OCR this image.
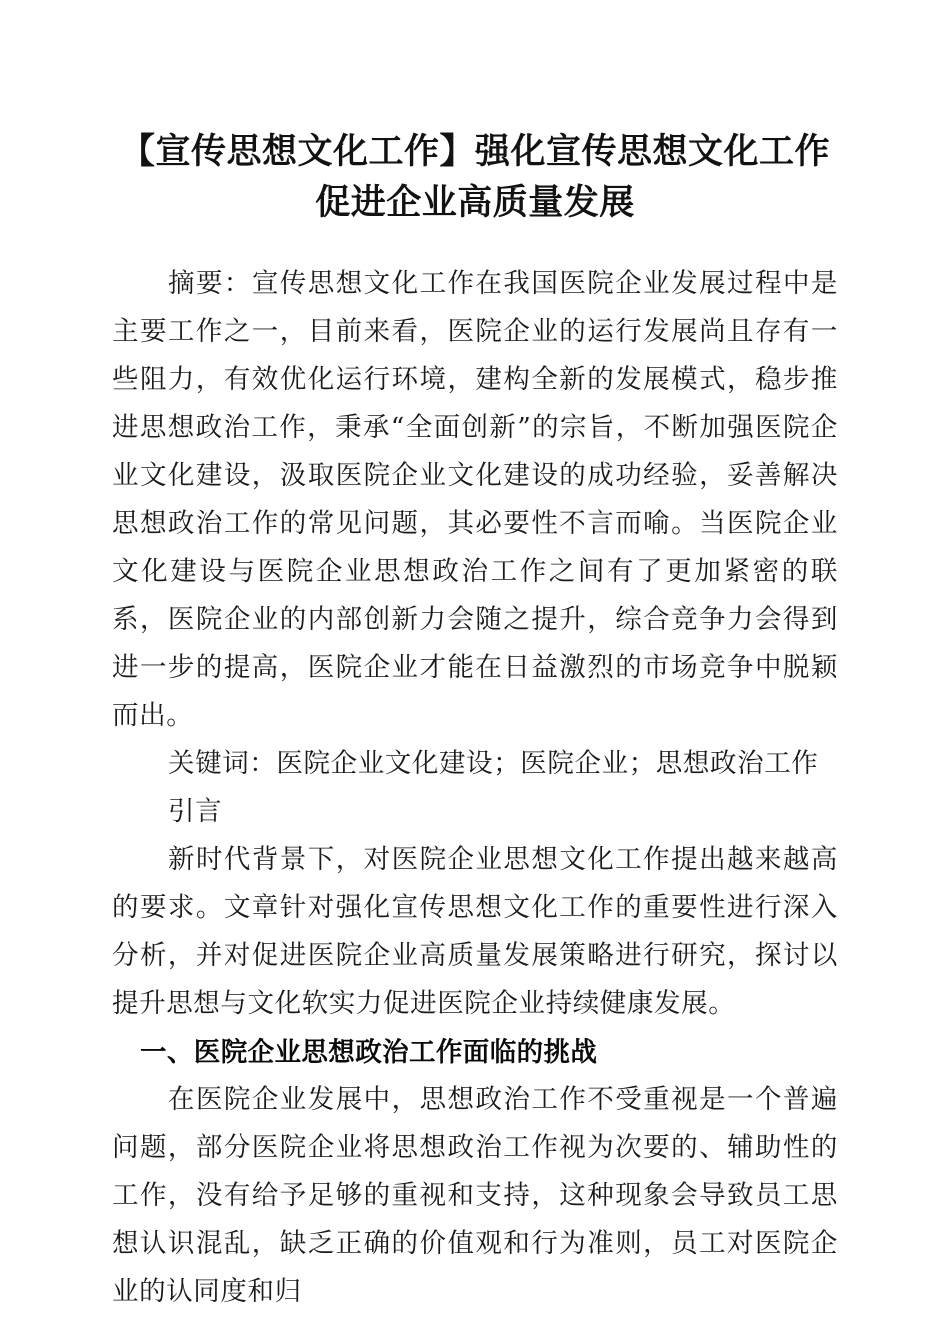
【宣传思想文化工作】强化宣传思想文化工作
促进企业高质量发展

摘要：宣传思想文化工作在我国医院企业发展过程中是主要工作之一，目前来看，医院企业的运行发展尚且存有一些阻力，有效优化运行环境，建构全新的发展模式，稳步推进思想政治工作，秉承“全面创新”的宗旨，不断加强医院企业文化建设，汲取医院企业文化建设的成功经验，妥善解决思想政治工作的常见问题，其必要性不言而喻。当医院企业文化建设与医院企业思想政治工作之间有了更加紧密的联系，医院企业的内部创新力会随之提升，综合竞争力会得到进一步的提高，医院企业才能在日益激烈的市场竞争中脱颖而出。

关键词：医院企业文化建设；医院企业；思想政治工作

引言

新时代背景下，对医院企业思想文化工作提出越来越高的要求。文章针对强化宣传思想文化工作的重要性进行深入分析，并对促进医院企业高质量发展策略进行研究，探讨以提升思想与文化软实力促进医院企业持续健康发展。

一、医院企业思想政治工作面临的挑战

在医院企业发展中，思想政治工作不受重视是一个普遍问题，部分医院企业将思想政治工作视为次要的、辅助性的工作，没有给予足够的重视和支持，这种现象会导致员工思想认识混乱，缺乏正确的价值观和行为准则，员工对医院企业的认同度和归
